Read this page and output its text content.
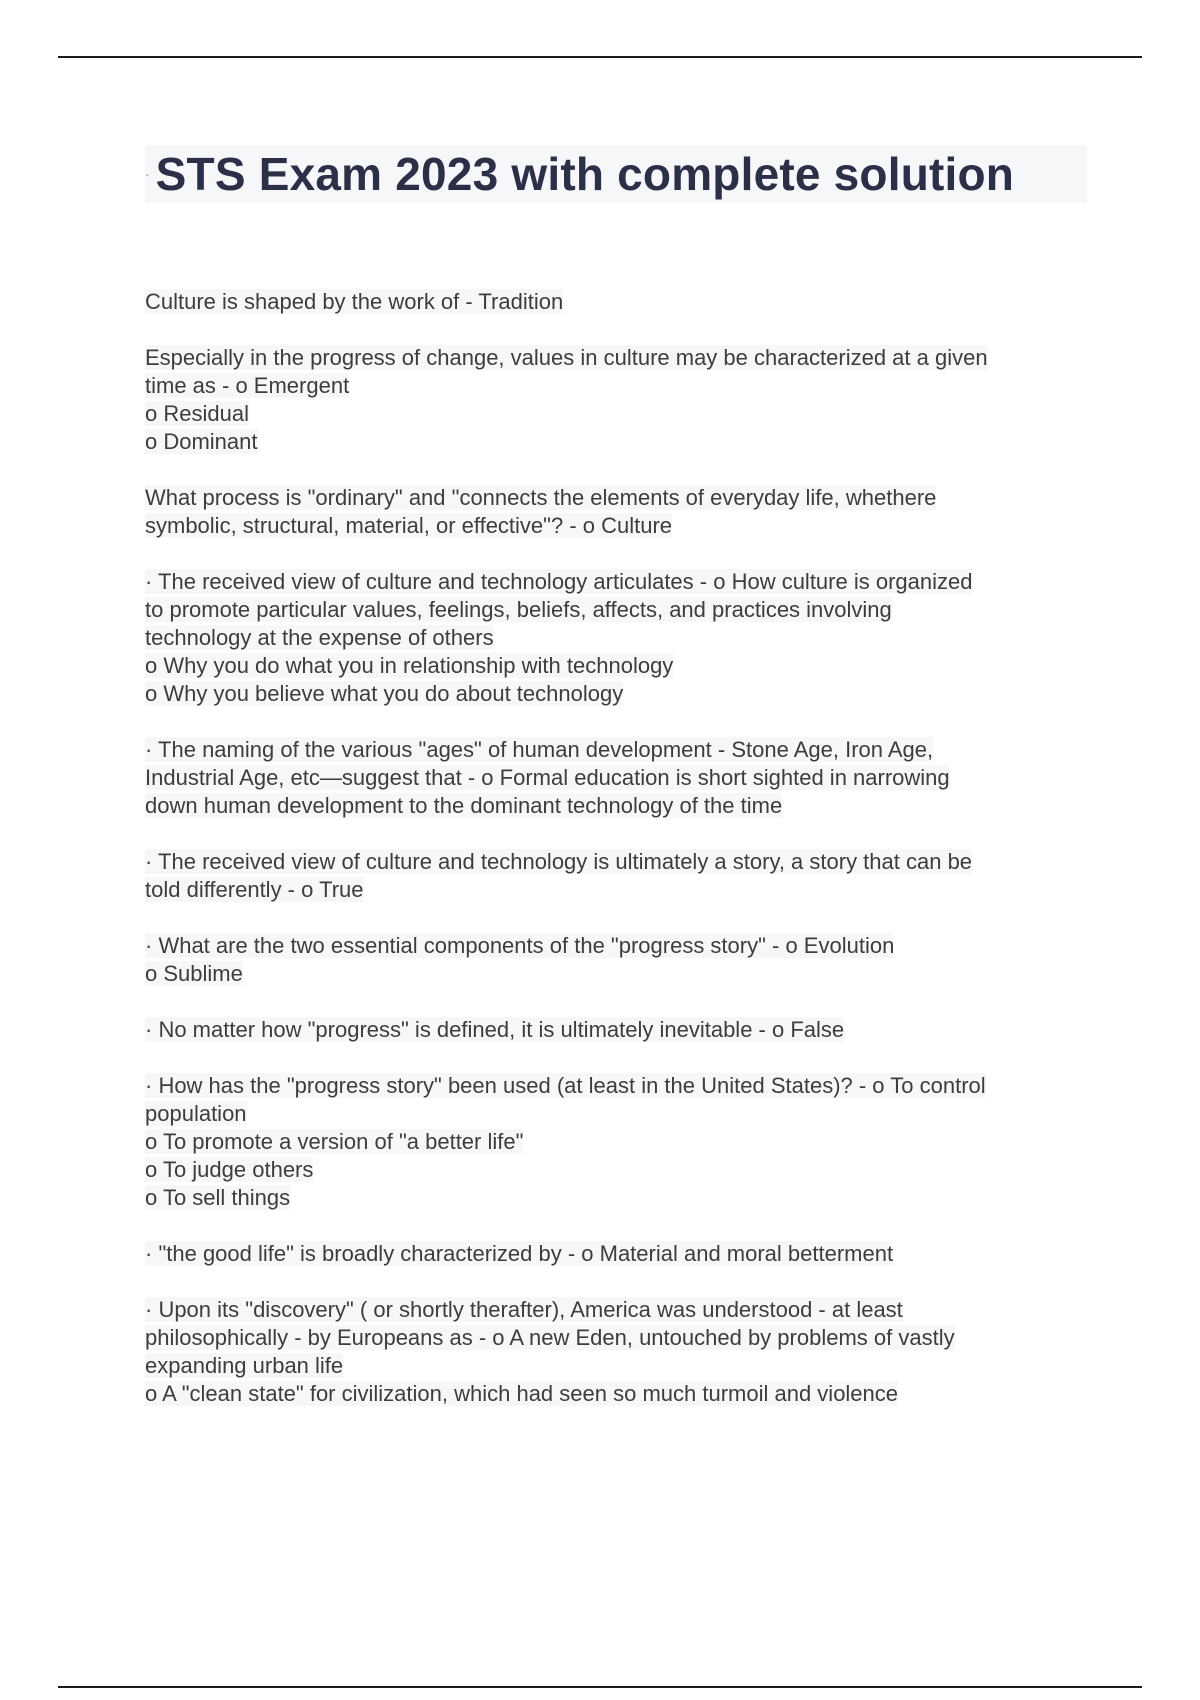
· STS Exam 2023 with complete solution
Culture is shaped by the work of - Tradition
Especially in the progress of change, values in culture may be characterized at a given
time as - o Emergent
o Residual
o Dominant
What process is "ordinary" and "connects the elements of everyday life, whethere
symbolic, structural, material, or effective"? - o Culture
· The received view of culture and technology articulates - o How culture is organized
to promote particular values, feelings, beliefs, affects, and practices involving
technology at the expense of others
o Why you do what you in relationship with technology
o Why you believe what you do about technology
· The naming of the various "ages" of human development - Stone Age, Iron Age,
Industrial Age, etc—suggest that - o Formal education is short sighted in narrowing
down human development to the dominant technology of the time
· The received view of culture and technology is ultimately a story, a story that can be
told differently - o True
· What are the two essential components of the "progress story" - o Evolution
o Sublime
· No matter how "progress" is defined, it is ultimately inevitable - o False
· How has the "progress story" been used (at least in the United States)? - o To control
population
o To promote a version of "a better life"
o To judge others
o To sell things
· "the good life" is broadly characterized by - o Material and moral betterment
· Upon its "discovery" ( or shortly therafter), America was understood - at least
philosophically - by Europeans as - o A new Eden, untouched by problems of vastly
expanding urban life
o A "clean state" for civilization, which had seen so much turmoil and violence
